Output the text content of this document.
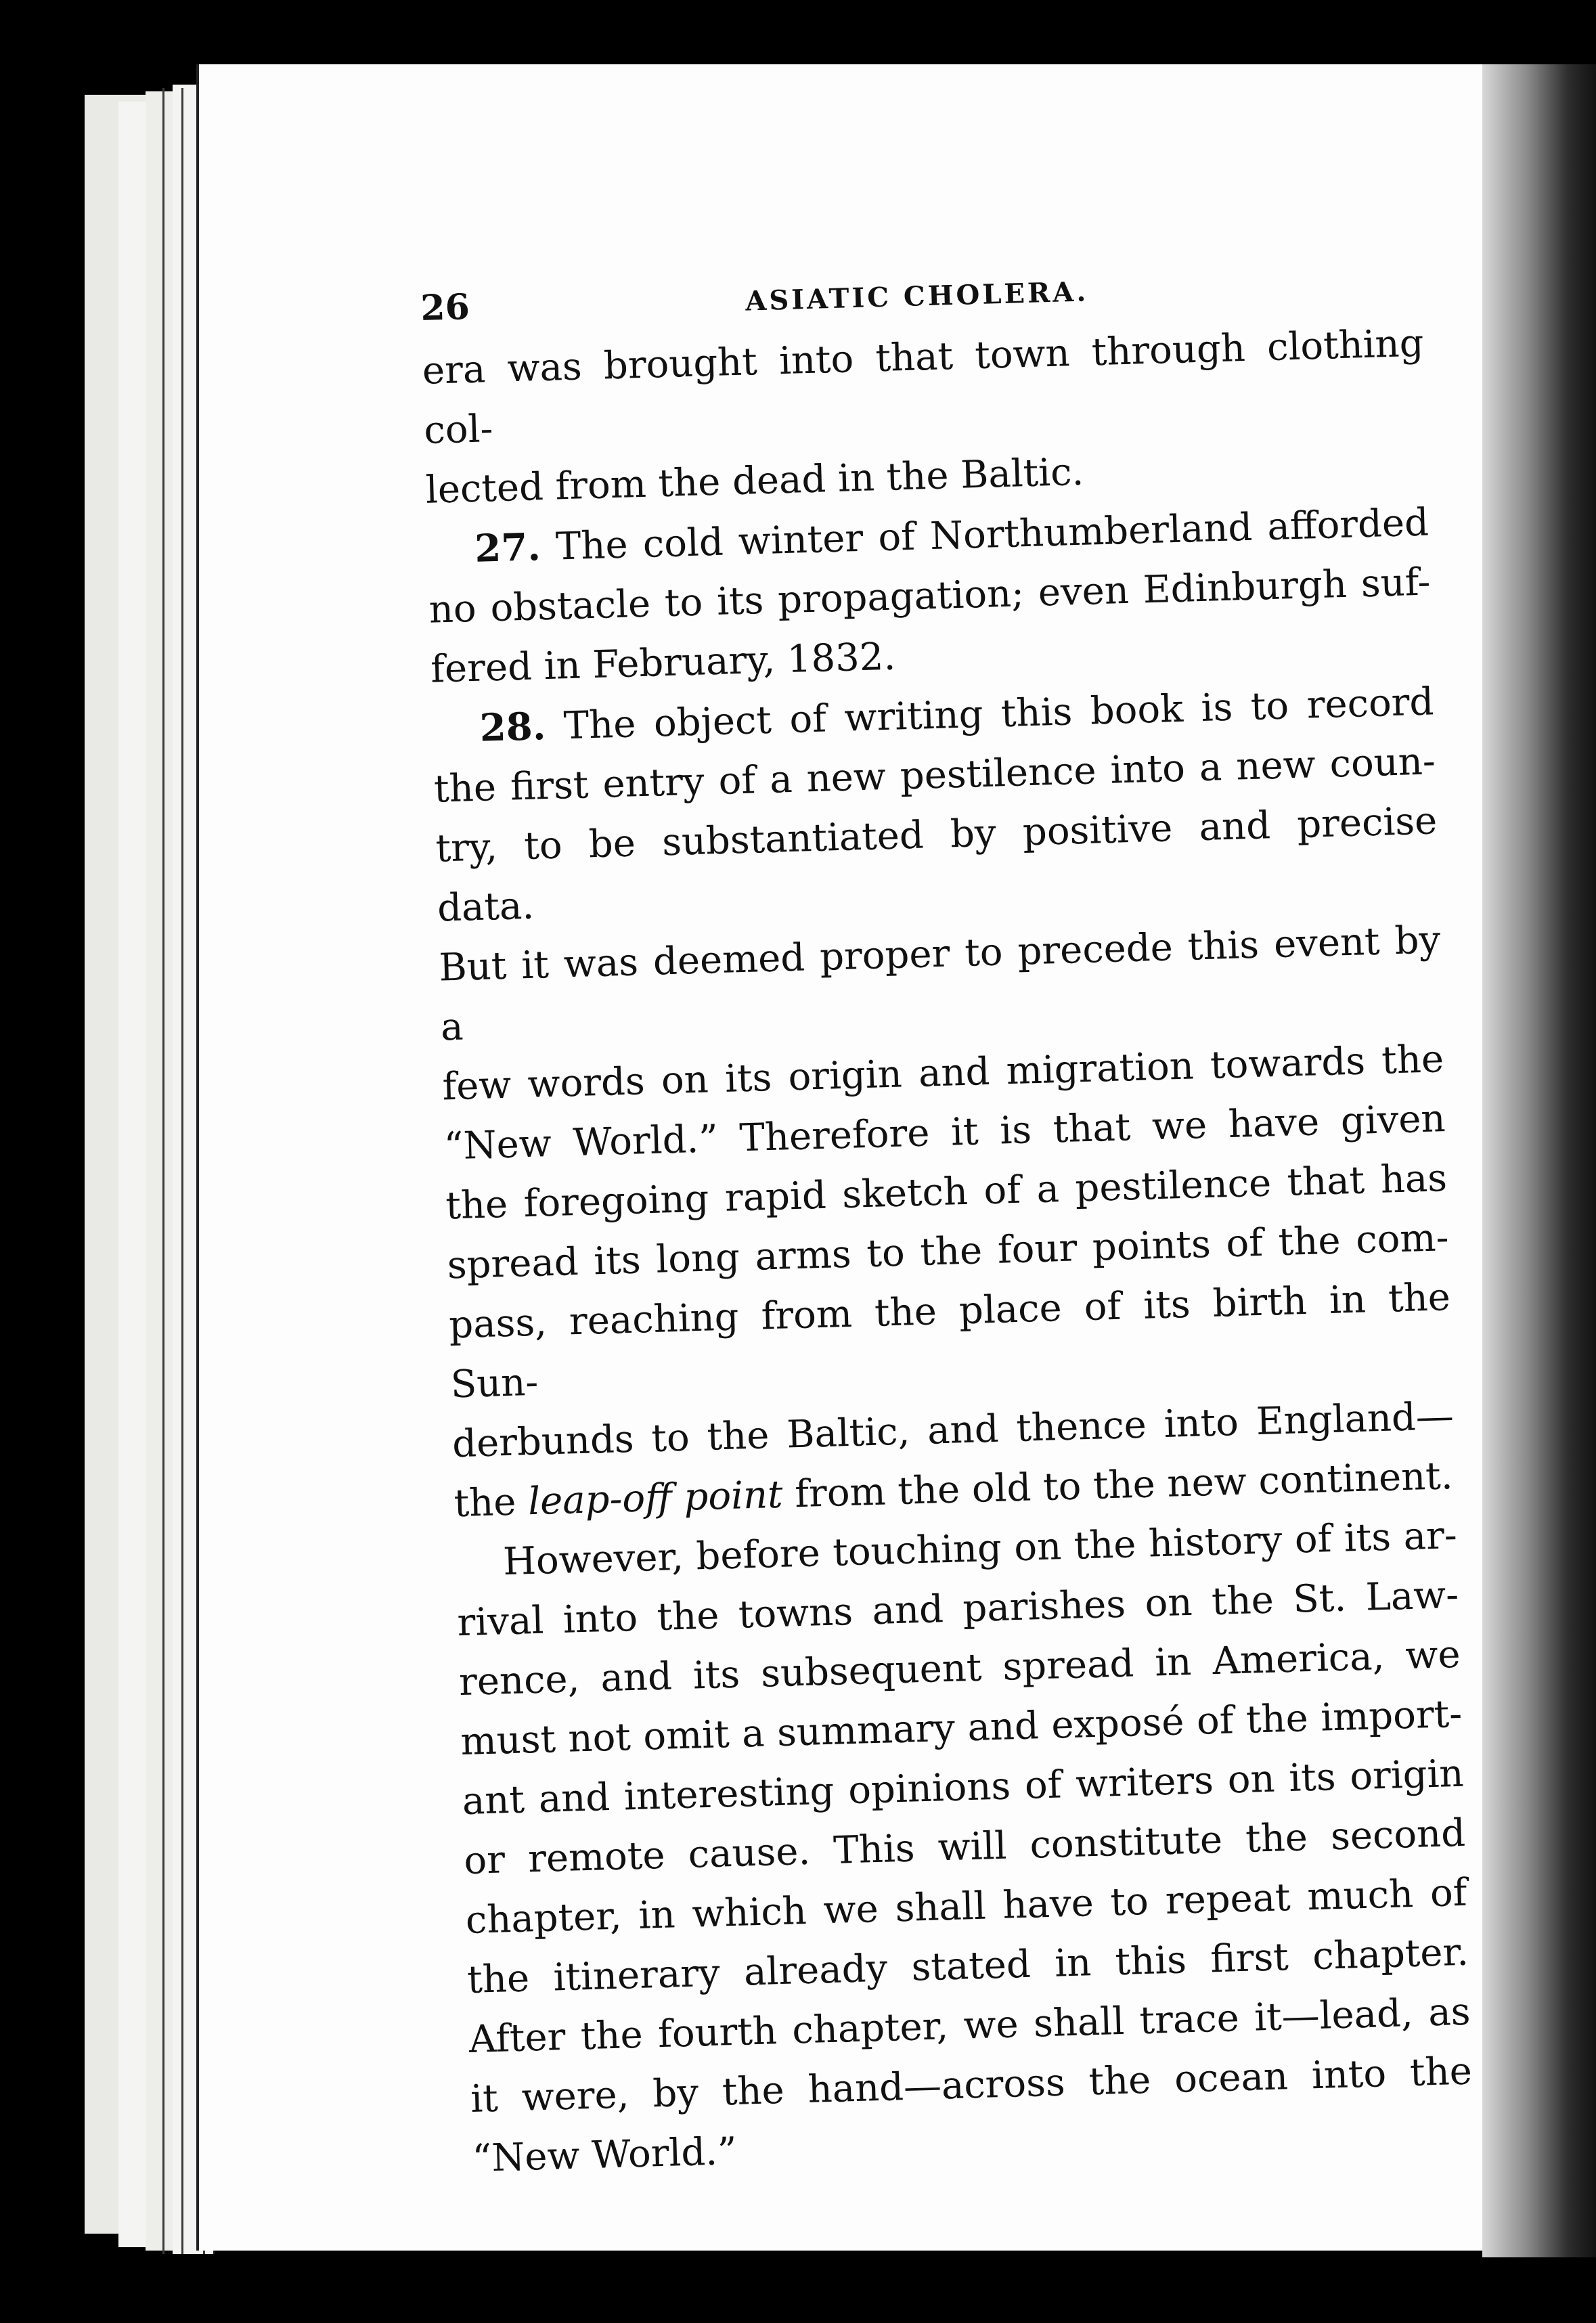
26	ASIATIC CHOLERA.

era was brought into that town through clothing col-
lected from the dead in the Baltic.

27. The cold winter of Northumberland afforded
no obstacle to its propagation; even Edinburgh suf-
fered in February, 1832.

28. The object of writing this book is to record
the first entry of a new pestilence into a new coun-
try, to be substantiated by positive and precise data.
But it was deemed proper to precede this event by a
few words on its origin and migration towards the
“New World.” Therefore it is that we have given
the foregoing rapid sketch of a pestilence that has
spread its long arms to the four points of the com-
pass, reaching from the place of its birth in the Sun-
derbunds to the Baltic, and thence into England—
the leap-off point from the old to the new continent.

However, before touching on the history of its ar-
rival into the towns and parishes on the St. Law-
rence, and its subsequent spread in America, we
must not omit a summary and exposé of the import-
ant and interesting opinions of writers on its origin
or remote cause. This will constitute the second
chapter, in which we shall have to repeat much of
the itinerary already stated in this first chapter.
After the fourth chapter, we shall trace it—lead, as
it were, by the hand—across the ocean into the
“New World.”
